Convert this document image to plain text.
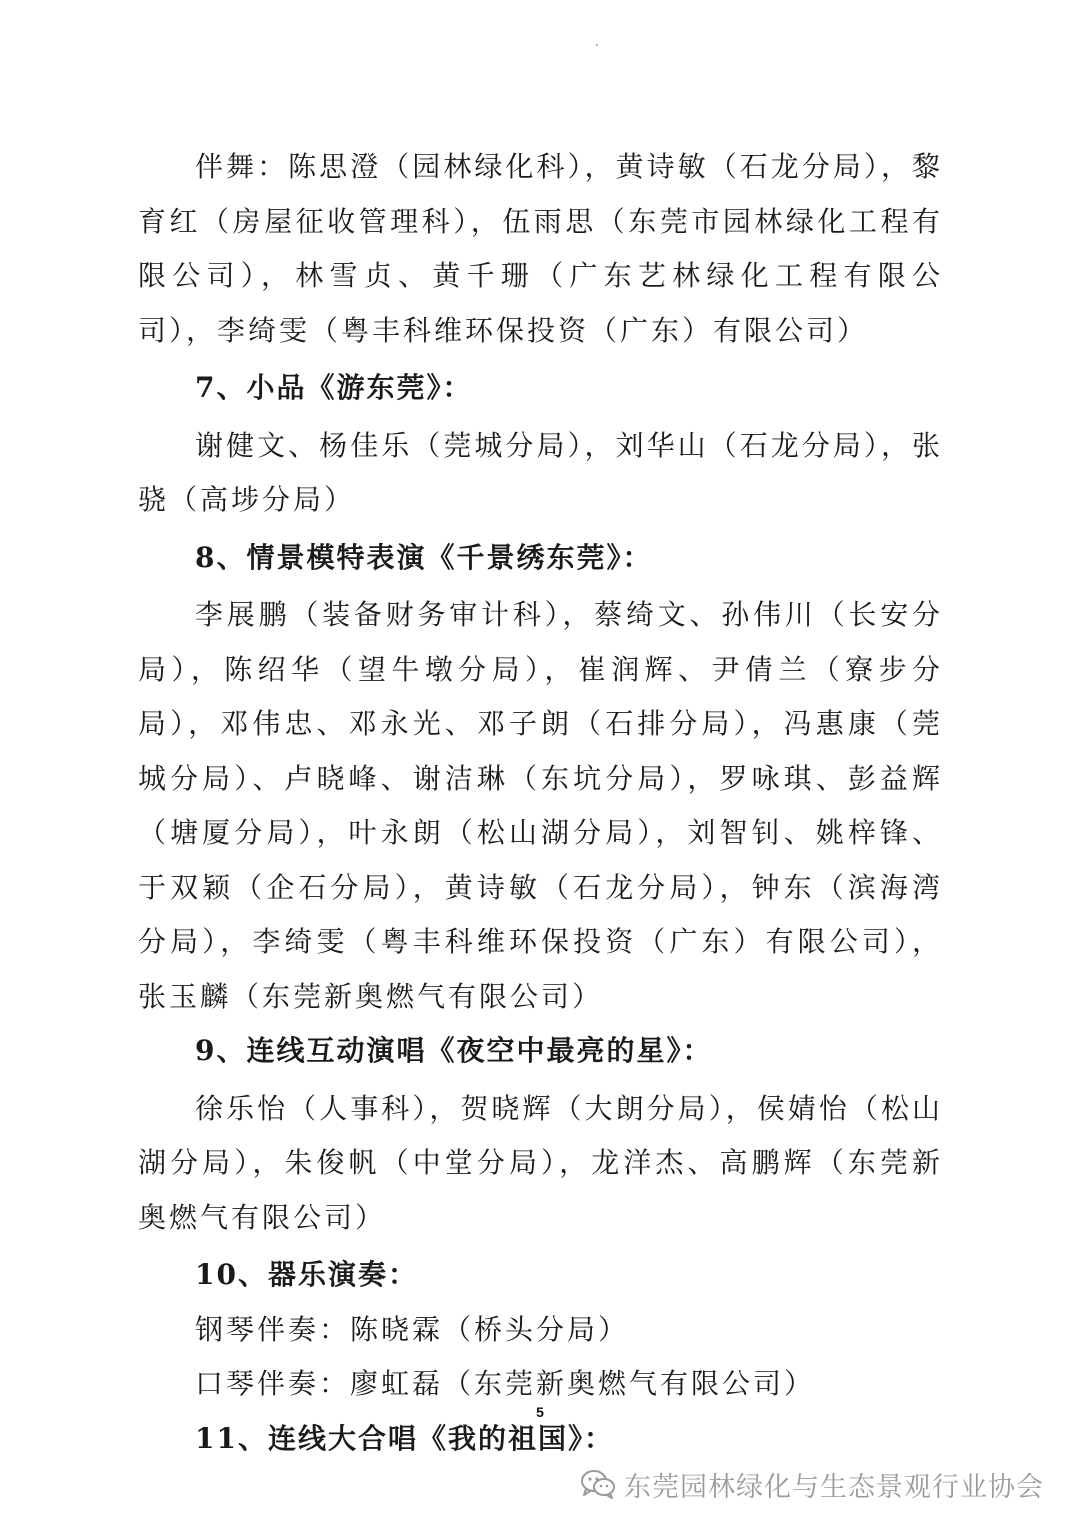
伴舞：陈思澄（园林绿化科），黄诗敏（石龙分局），黎育红（房屋征收管理科），伍雨思（东莞市园林绿化工程有限公司），林雪贞、黄千珊（广东艺林绿化工程有限公司），李绮雯（粤丰科维环保投资（广东）有限公司）

7、小品《游东莞》：

谢健文、杨佳乐（莞城分局），刘华山（石龙分局），张骁（高埗分局）

8、情景模特表演《千景绣东莞》：

李展鹏（装备财务审计科），蔡绮文、孙伟川（长安分局），陈绍华（望牛墩分局），崔润辉、尹倩兰（寮步分局），邓伟忠、邓永光、邓子朗（石排分局），冯惠康（莞城分局）、卢晓峰、谢洁琳（东坑分局），罗咏琪、彭益辉（塘厦分局），叶永朗（松山湖分局），刘智钊、姚梓锋、于双颖（企石分局），黄诗敏（石龙分局），钟东（滨海湾分局），李绮雯（粤丰科维环保投资（广东）有限公司），张玉麟（东莞新奥燃气有限公司）

9、连线互动演唱《夜空中最亮的星》：

徐乐怡（人事科），贺晓辉（大朗分局），侯婧怡（松山湖分局），朱俊帆（中堂分局），龙洋杰、高鹏辉（东莞新奥燃气有限公司）

10、器乐演奏：

钢琴伴奏：陈晓霖（桥头分局）

口琴伴奏：廖虹磊（东莞新奥燃气有限公司）

11、连线大合唱《我的祖国》：

5
东莞园林绿化与生态景观行业协会
